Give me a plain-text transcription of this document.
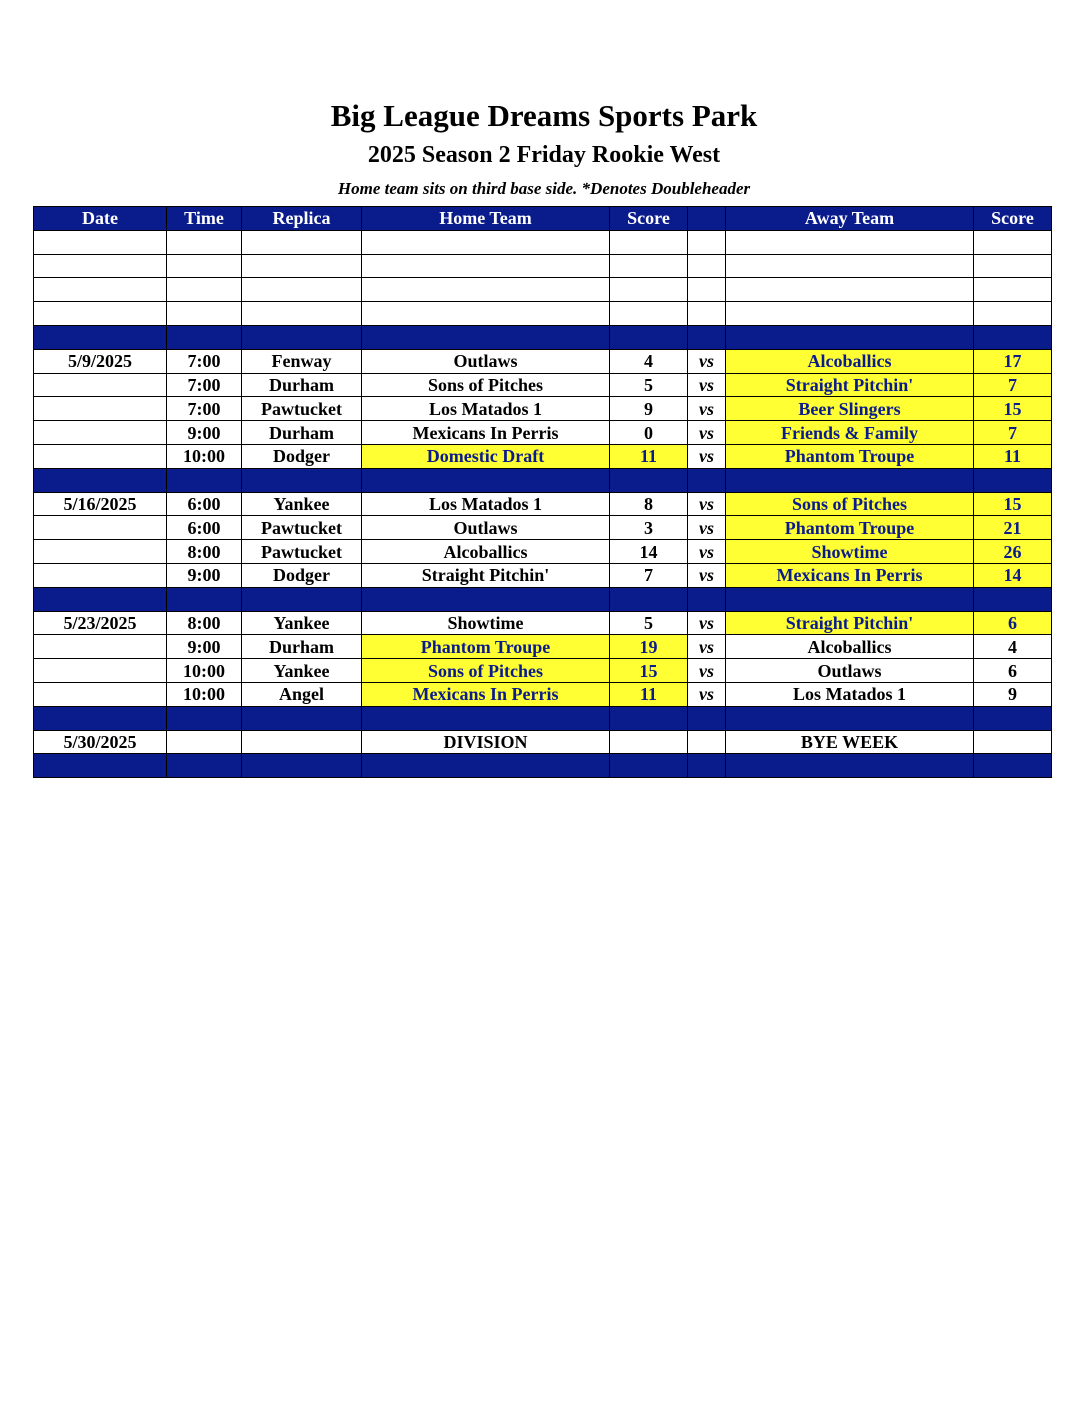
Big League Dreams Sports Park
2025 Season 2 Friday Rookie West
Home team sits on third base side. *Denotes Doubleheader
Date	Time	Replica	Home Team	Score		Away Team	Score

5/9/2025	7:00	Fenway	Outlaws	4	vs	Alcoballics	17
	7:00	Durham	Sons of Pitches	5	vs	Straight Pitchin'	7
	7:00	Pawtucket	Los Matados 1	9	vs	Beer Slingers	15
	9:00	Durham	Mexicans In Perris	0	vs	Friends & Family	7
	10:00	Dodger	Domestic Draft	11	vs	Phantom Troupe	11

5/16/2025	6:00	Yankee	Los Matados 1	8	vs	Sons of Pitches	15
	6:00	Pawtucket	Outlaws	3	vs	Phantom Troupe	21
	8:00	Pawtucket	Alcoballics	14	vs	Showtime	26
	9:00	Dodger	Straight Pitchin'	7	vs	Mexicans In Perris	14

5/23/2025	8:00	Yankee	Showtime	5	vs	Straight Pitchin'	6
	9:00	Durham	Phantom Troupe	19	vs	Alcoballics	4
	10:00	Yankee	Sons of Pitches	15	vs	Outlaws	6
	10:00	Angel	Mexicans In Perris	11	vs	Los Matados 1	9

5/30/2025			DIVISION			BYE WEEK	
